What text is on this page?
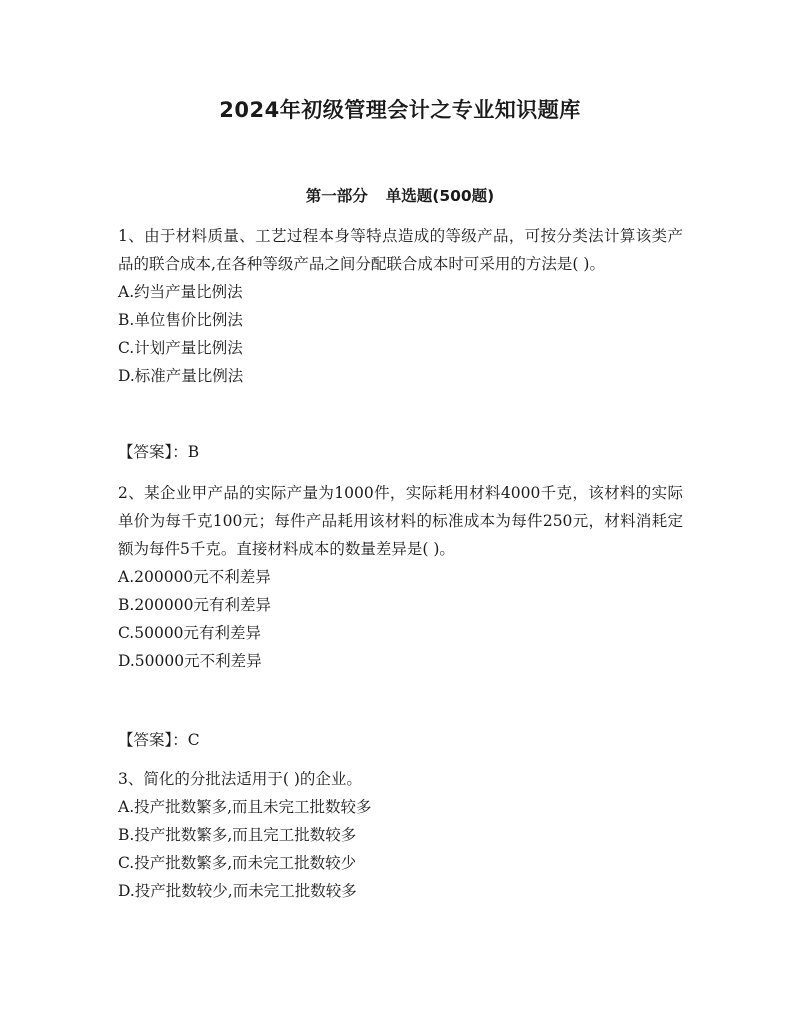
2024年初级管理会计之专业知识题库
第一部分 单选题(500题)
1、由于材料质量、工艺过程本身等特点造成的等级产品，可按分类法计算该类产品的联合成本,在各种等级产品之间分配联合成本时可采用的方法是( )。
A.约当产量比例法
B.单位售价比例法
C.计划产量比例法
D.标准产量比例法
【答案】：B
2、某企业甲产品的实际产量为1000件，实际耗用材料4000千克，该材料的实际单价为每千克100元；每件产品耗用该材料的标准成本为每件250元，材料消耗定额为每件5千克。直接材料成本的数量差异是( )。
A.200000元不利差异
B.200000元有利差异
C.50000元有利差异
D.50000元不利差异
【答案】：C
3、简化的分批法适用于( )的企业。
A.投产批数繁多,而且未完工批数较多
B.投产批数繁多,而且完工批数较多
C.投产批数繁多,而未完工批数较少
D.投产批数较少,而未完工批数较多
